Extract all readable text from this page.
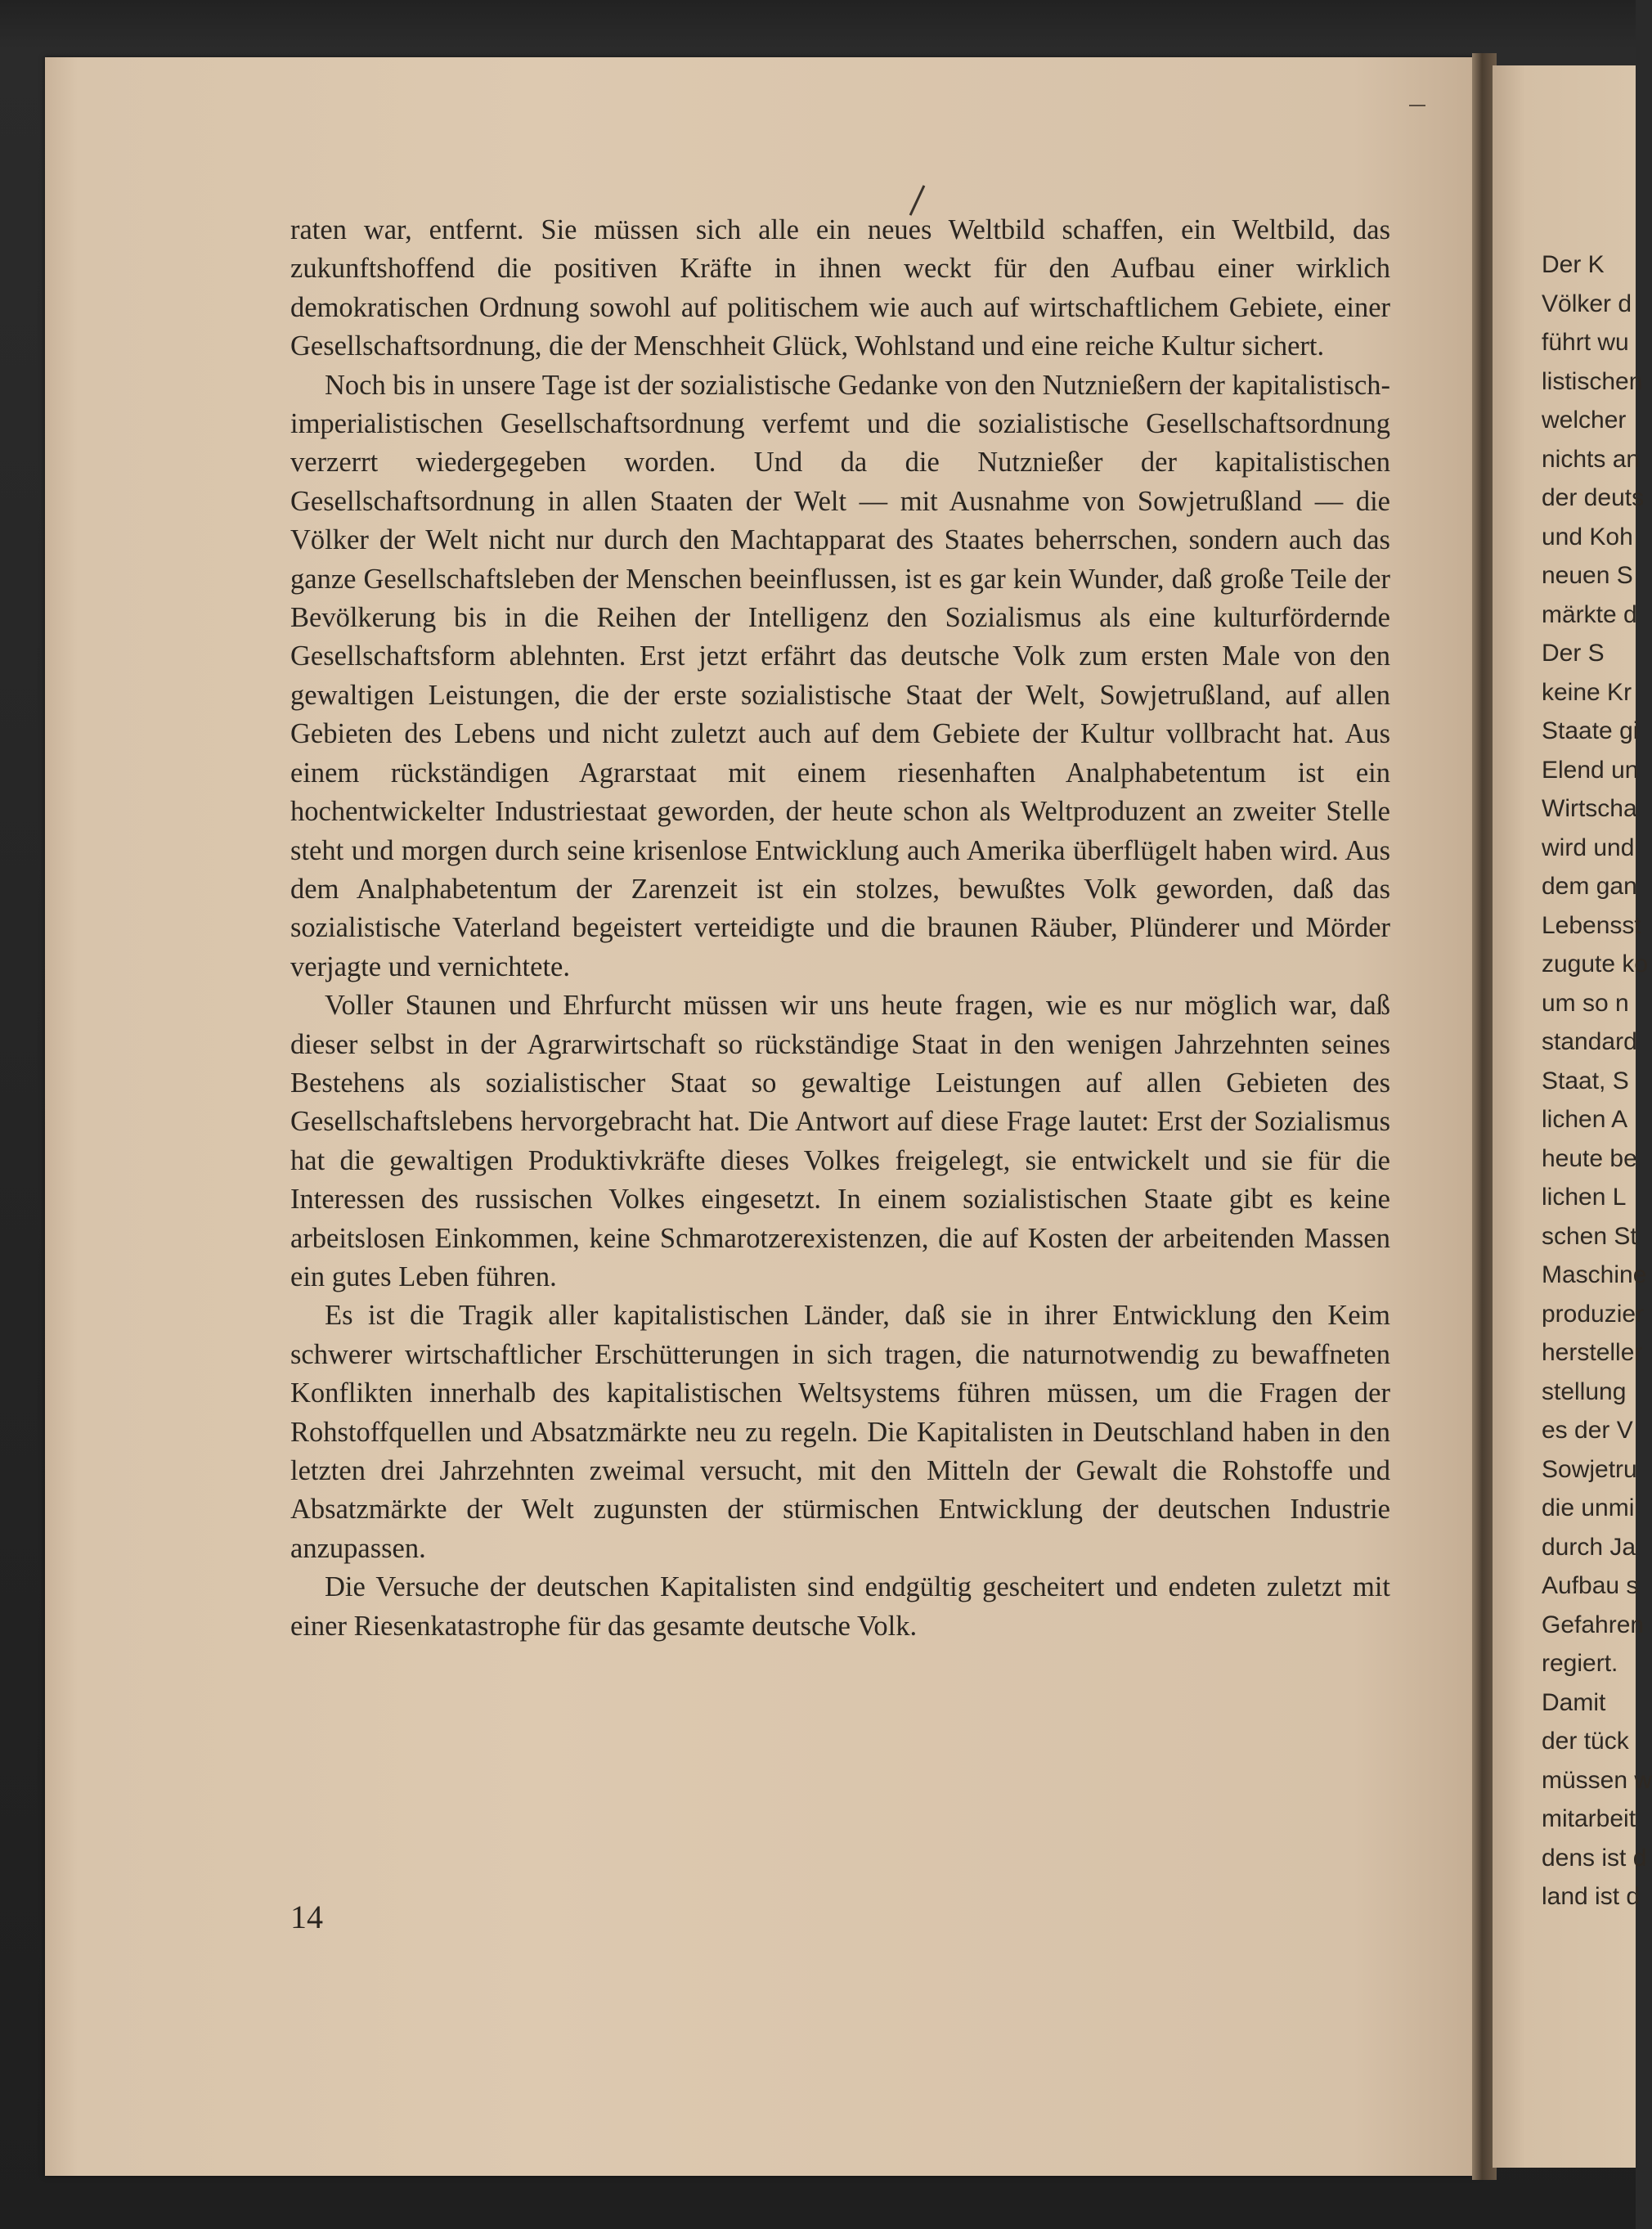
raten war, entfernt. Sie müssen sich alle ein neues Weltbild schaffen, ein Weltbild, das zukunftshoffend die positiven Kräfte in ihnen weckt für den Aufbau einer wirklich demokratischen Ordnung sowohl auf politischem wie auch auf wirtschaftlichem Gebiete, einer Gesellschaftsordnung, die der Menschheit Glück, Wohlstand und eine reiche Kultur sichert.

Noch bis in unsere Tage ist der sozialistische Gedanke von den Nutznießern der kapitalistisch-imperialistischen Gesellschaftsordnung verfemt und die sozialistische Gesellschaftsordnung verzerrt wiedergegeben worden. Und da die Nutznießer der kapitalistischen Gesellschaftsordnung in allen Staaten der Welt — mit Ausnahme von Sowjetrußland — die Völker der Welt nicht nur durch den Machtapparat des Staates beherrschen, sondern auch das ganze Gesellschaftsleben der Menschen beeinflussen, ist es gar kein Wunder, daß große Teile der Bevölkerung bis in die Reihen der Intelligenz den Sozialismus als eine kulturfördernde Gesellschaftsform ablehnten. Erst jetzt erfährt das deutsche Volk zum ersten Male von den gewaltigen Leistungen, die der erste sozialistische Staat der Welt, Sowjetrußland, auf allen Gebieten des Lebens und nicht zuletzt auch auf dem Gebiete der Kultur vollbracht hat. Aus einem rückständigen Agrarstaat mit einem riesenhaften Analphabetentum ist ein hochentwickelter Industriestaat geworden, der heute schon als Weltproduzent an zweiter Stelle steht und morgen durch seine krisenlose Entwicklung auch Amerika überflügelt haben wird. Aus dem Analphabetentum der Zarenzeit ist ein stolzes, bewußtes Volk geworden, daß das sozialistische Vaterland begeistert verteidigte und die braunen Räuber, Plünderer und Mörder verjagte und vernichtete.

Voller Staunen und Ehrfurcht müssen wir uns heute fragen, wie es nur möglich war, daß dieser selbst in der Agrarwirtschaft so rückständige Staat in den wenigen Jahrzehnten seines Bestehens als sozialistischer Staat so gewaltige Leistungen auf allen Gebieten des Gesellschaftslebens hervorgebracht hat. Die Antwort auf diese Frage lautet: Erst der Sozialismus hat die gewaltigen Produktivkräfte dieses Volkes freigelegt, sie entwickelt und sie für die Interessen des russischen Volkes eingesetzt. In einem sozialistischen Staate gibt es keine arbeitslosen Einkommen, keine Schmarotzerexistenzen, die auf Kosten der arbeitenden Massen ein gutes Leben führen.

Es ist die Tragik aller kapitalistischen Länder, daß sie in ihrer Entwicklung den Keim schwerer wirtschaftlicher Erschütterungen in sich tragen, die naturnotwendig zu bewaffneten Konflikten innerhalb des kapitalistischen Weltsystems führen müssen, um die Fragen der Rohstoffquellen und Absatzmärkte neu zu regeln. Die Kapitalisten in Deutschland haben in den letzten drei Jahrzehnten zweimal versucht, mit den Mitteln der Gewalt die Rohstoffe und Absatzmärkte der Welt zugunsten der stürmischen Entwicklung der deutschen Industrie anzupassen.

Die Versuche der deutschen Kapitalisten sind endgültig gescheitert und endeten zuletzt mit einer Riesenkatastrophe für das gesamte deutsche Volk.

14
Der K
Völker d
führt wu
listischen
welcher
nichts an
der deuts
und Koh
neuen S
märkte d
Der S
keine Kr
Staate gi
Elend un
Wirtscha
wird und
dem gan
Lebensst
zugute ko
um so n
standard
Staat, S
lichen A
heute be
lichen L
schen St
Maschine
produzier
hersteller
stellung
es der V
Sowjetru
die unmi
durch Ja
Aufbau s
Gefahren
regiert.
Damit
der tück
müssen w
mitarbeit
dens ist d
land ist d
